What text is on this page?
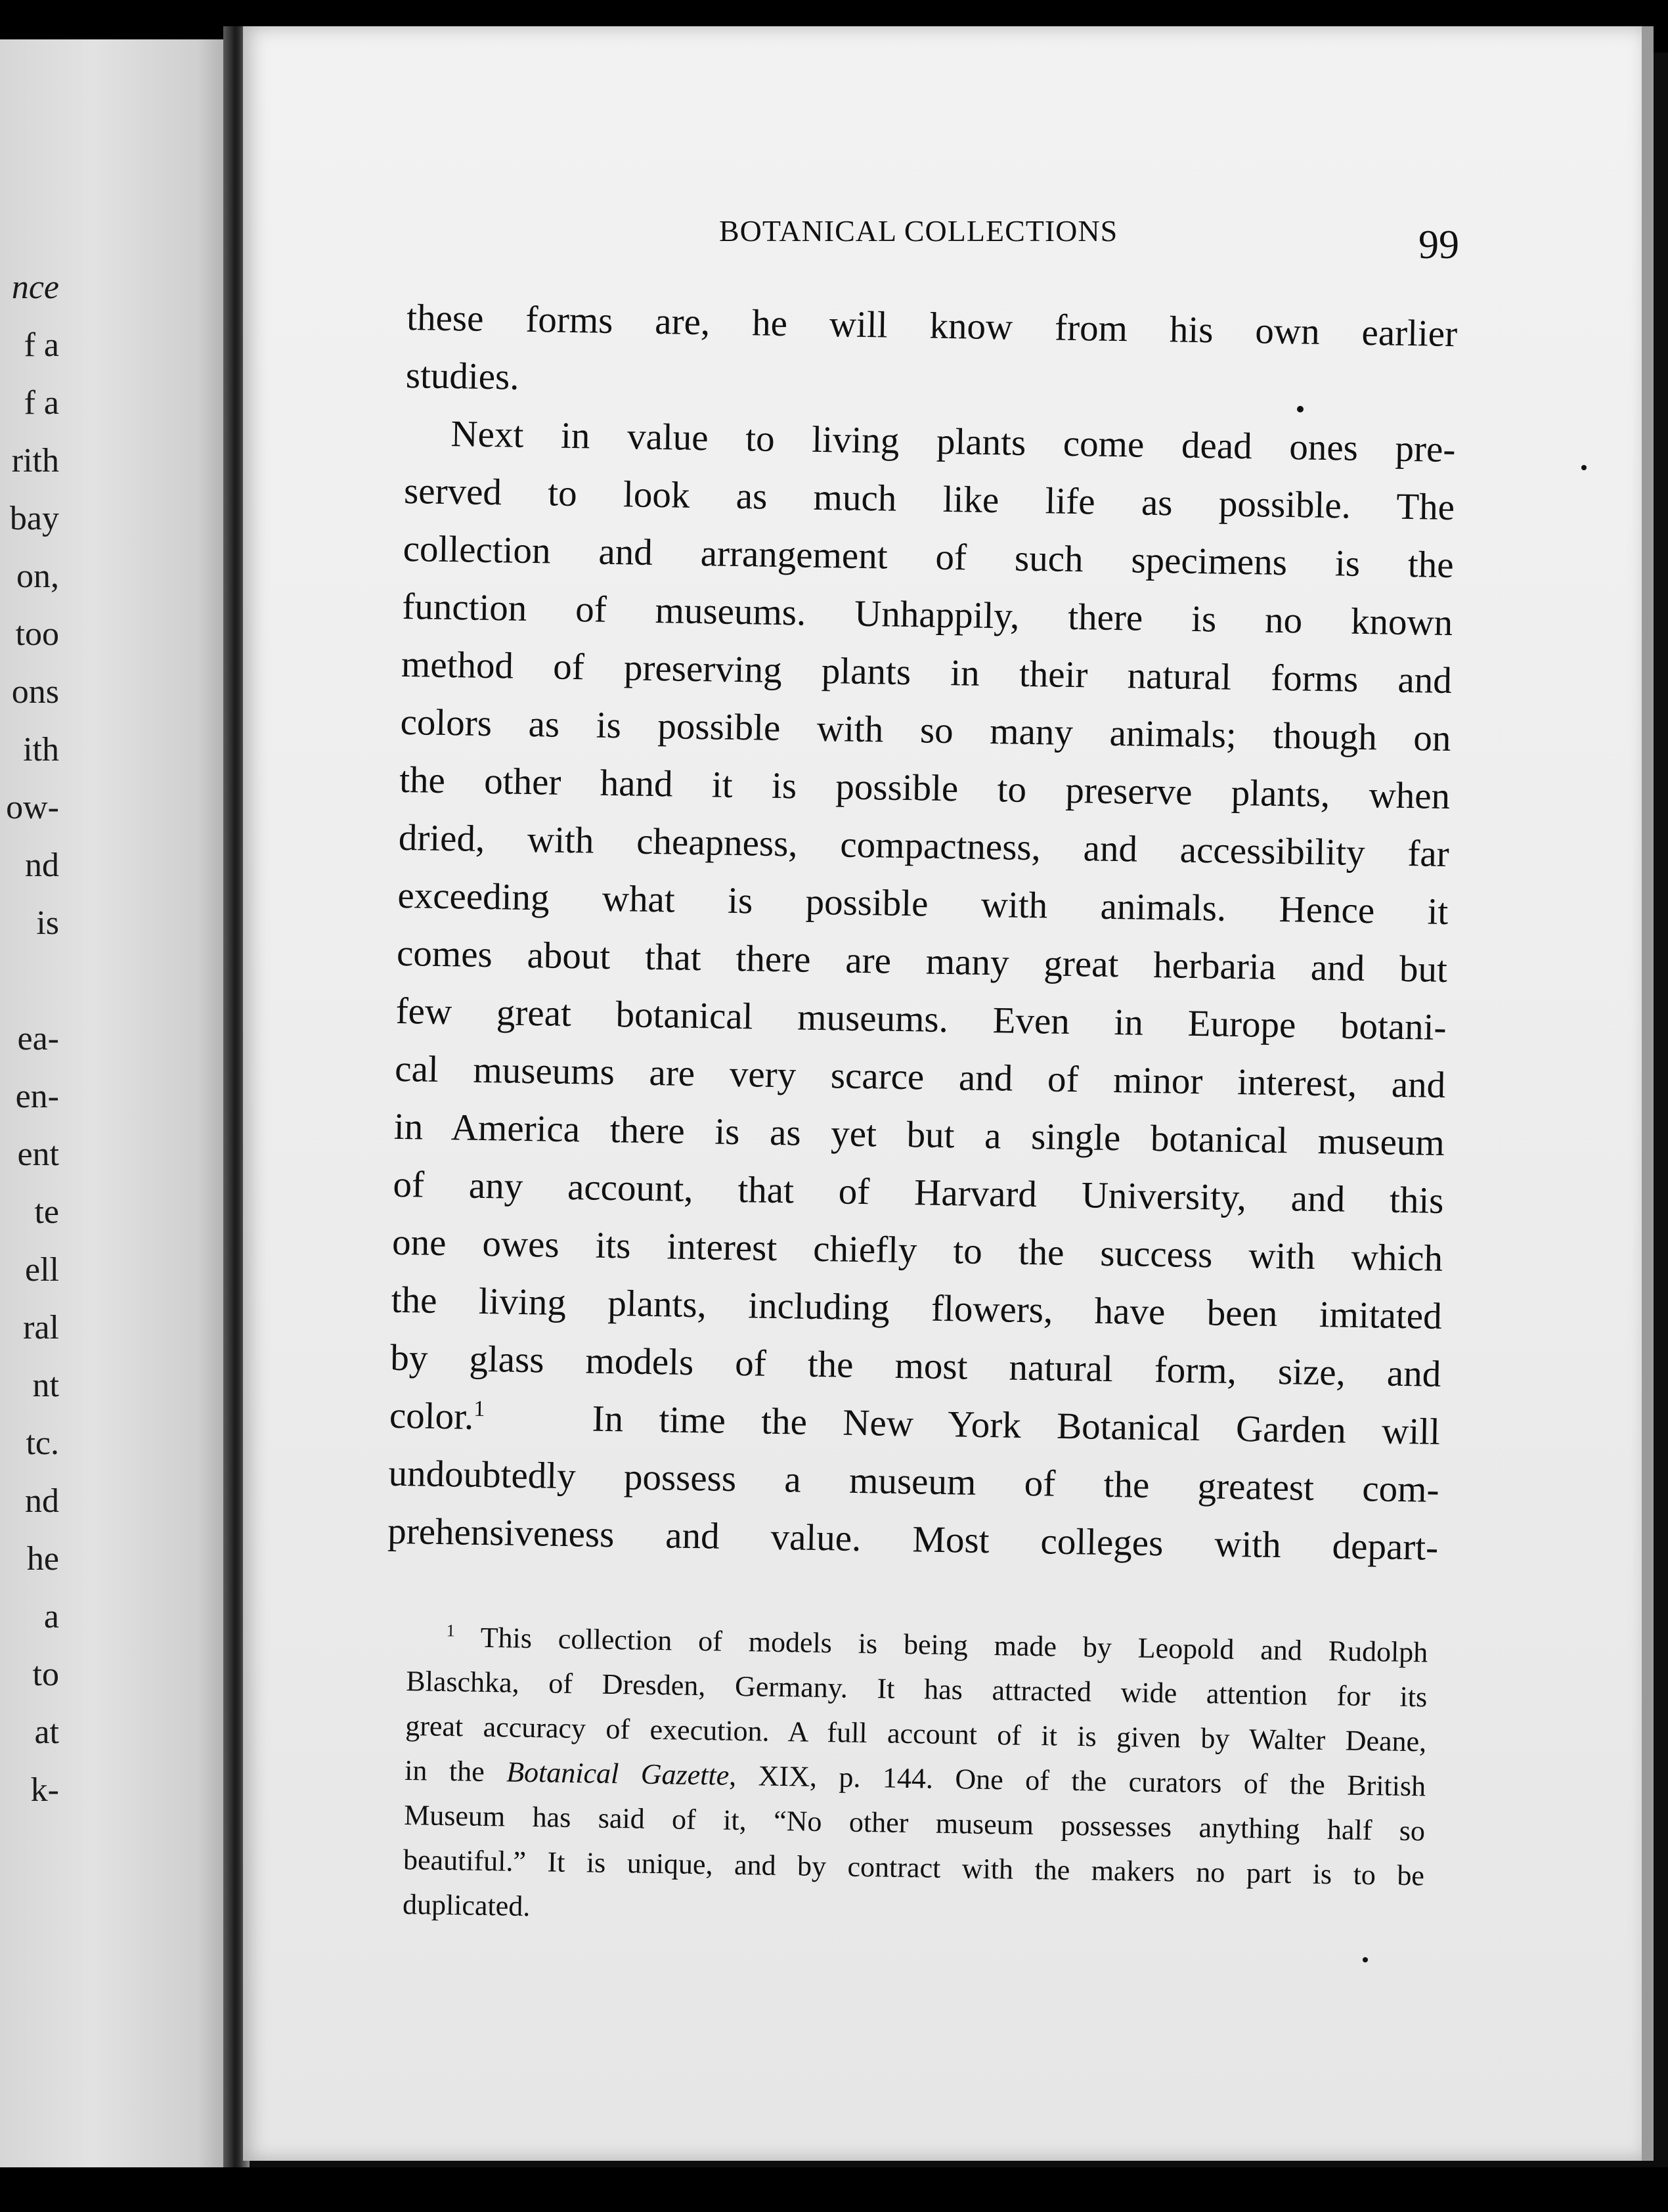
nce
f a
f a
rith
bay
on,
too
ons
ith
ow-
nd
is
ea-
en-
ent
te
ell
ral
nt
tc.
nd
he
a
to
at
k-
BOTANICAL COLLECTIONS	99
these forms are, he will know from his own earlier
studies.
Next in value to living plants come dead ones pre-
served to look as much like life as possible. The
collection and arrangement of such specimens is the
function of museums. Unhappily, there is no known
method of preserving plants in their natural forms and
colors as is possible with so many animals; though on
the other hand it is possible to preserve plants, when
dried, with cheapness, compactness, and accessibility far
exceeding what is possible with animals. Hence it
comes about that there are many great herbaria and but
few great botanical museums. Even in Europe botani-
cal museums are very scarce and of minor interest, and
in America there is as yet but a single botanical museum
of any account, that of Harvard University, and this
one owes its interest chiefly to the success with which
the living plants, including flowers, have been imitated
by glass models of the most natural form, size, and
color.$^1$	In time the New York Botanical Garden will
undoubtedly possess a museum of the greatest com-
prehensiveness and value. Most colleges with depart-
$^1$ This collection of models is being made by Leopold and Rudolph
Blaschka, of Dresden, Germany. It has attracted wide attention for its
great accuracy of execution. A full account of it is given by Walter Deane,
in the Botanical Gazette, XIX, p. 144. One of the curators of the British
Museum has said of it, “No other museum possesses anything half so
beautiful.” It is unique, and by contract with the makers no part is to be
duplicated.
